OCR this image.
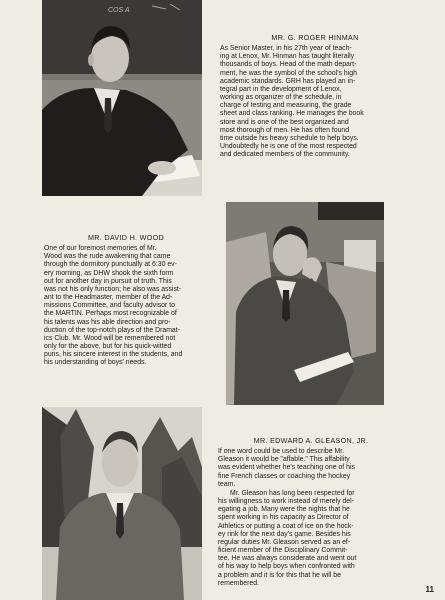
COS A
MR. G. ROGER HINMAN

As Senior Master, in his 27th year of teach-
ing at Lenox, Mr. Hinman has taught literally
thousands of boys. Head of the math depart-
ment, he was the symbol of the school's high
academic standards. GRH has played an in-
tegral part in the development of Lenox,
working as organizer of the schedule, in
charge of testing and measuring, the grade
sheet and class ranking. He manages the book
store and is one of the best organized and
most thorough of men. He has often found
time outside his heavy schedule to help boys.
Undoubtedly he is one of the most respected
and dedicated members of the community.

MR. DAVID H. WOOD

One of our foremost memories of Mr.
Wood was the rude awakening that came
through the dormitory punctually at 6:30 ev-
ery morning, as DHW shook the sixth form
out for another day in pursuit of truth. This
was not his only function; he also was assist-
ant to the Headmaster, member of the Ad-
missions Committee, and faculty advisor to
the MARTIN. Perhaps most recognizable of
his talents was his able direction and pro-
duction of the top-notch plays of the Dramat-
ics Club. Mr. Wood will be remembered not
only for the above, but for his quick-witted
puns, his sincere interest in the students, and
his understanding of boys' needs.

MR. EDWARD A. GLEASON, JR.

If one word could be used to describe Mr.
Gleason it would be "affable." This affability
was evident whether he's teaching one of his
fine French classes or coaching the hockey
team.

Mr. Gleason has long been respected for
his willingness to work instead of merely del-
egating a job. Many were the nights that he
spent working in his capacity as Director of
Athletics or putting a coat of ice on the hock-
ey rink for the next day's game. Besides his
regular duties Mr. Gleason served as an ef-
ficient member of the Disciplinary Commit-
tee. He was always considerate and went out
of his way to help boys when confronted with
a problem and it is for this that he will be
remembered.

11
